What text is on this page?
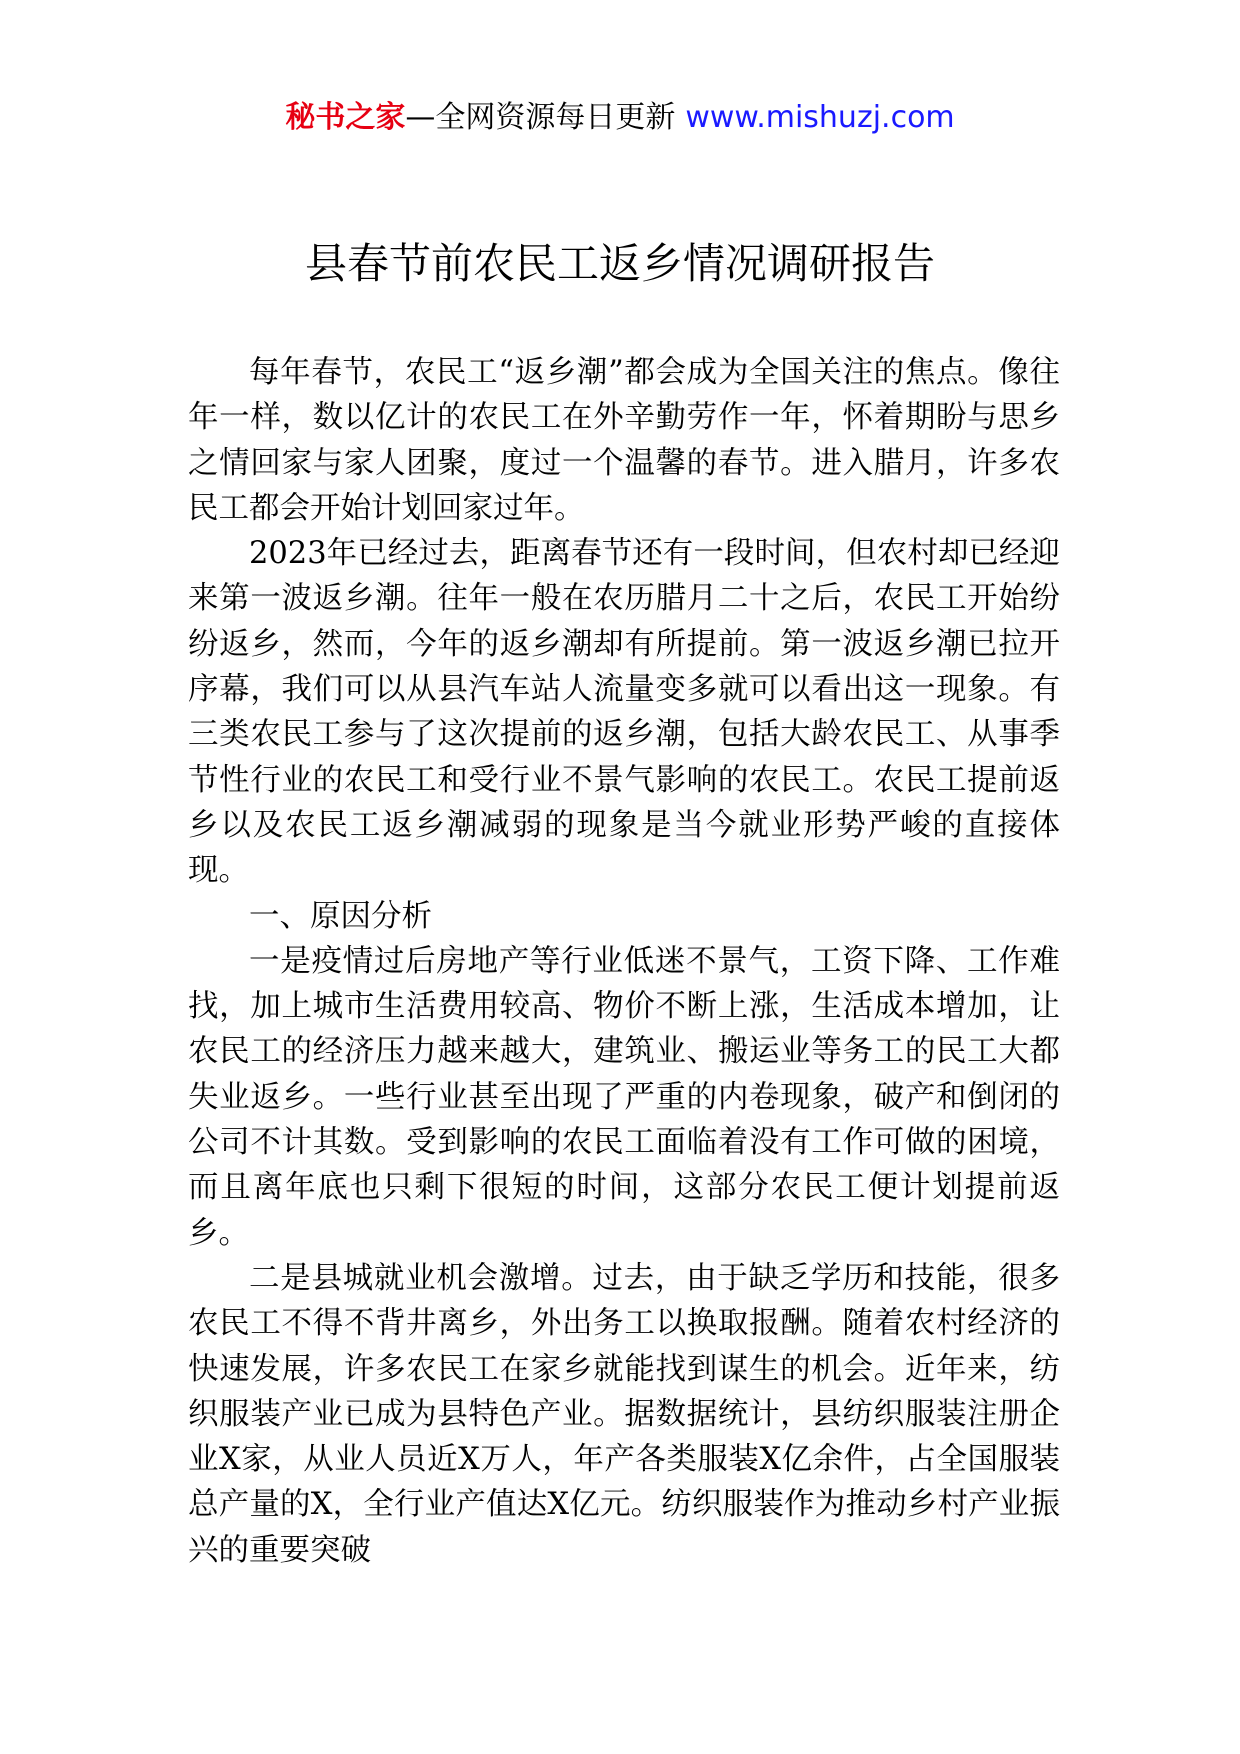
秘书之家—全网资源每日更新 www.mishuzj.com
县春节前农民工返乡情况调研报告

每年春节，农民工“返乡潮”都会成为全国关注的焦点。像往年一样，数以亿计的农民工在外辛勤劳作一年，怀着期盼与思乡之情回家与家人团聚，度过一个温馨的春节。进入腊月，许多农民工都会开始计划回家过年。

2023年已经过去，距离春节还有一段时间，但农村却已经迎来第一波返乡潮。往年一般在农历腊月二十之后，农民工开始纷纷返乡，然而，今年的返乡潮却有所提前。第一波返乡潮已拉开序幕，我们可以从县汽车站人流量变多就可以看出这一现象。有三类农民工参与了这次提前的返乡潮，包括大龄农民工、从事季节性行业的农民工和受行业不景气影响的农民工。农民工提前返乡以及农民工返乡潮减弱的现象是当今就业形势严峻的直接体现。

一、原因分析

一是疫情过后房地产等行业低迷不景气，工资下降、工作难找，加上城市生活费用较高、物价不断上涨，生活成本增加，让农民工的经济压力越来越大，建筑业、搬运业等务工的民工大都失业返乡。一些行业甚至出现了严重的内卷现象，破产和倒闭的公司不计其数。受到影响的农民工面临着没有工作可做的困境，而且离年底也只剩下很短的时间，这部分农民工便计划提前返乡。

二是县城就业机会激增。过去，由于缺乏学历和技能，很多农民工不得不背井离乡，外出务工以换取报酬。随着农村经济的快速发展，许多农民工在家乡就能找到谋生的机会。近年来，纺织服装产业已成为县特色产业。据数据统计，县纺织服装注册企业X家，从业人员近X万人，年产各类服装X亿余件，占全国服装总产量的X，全行业产值达X亿元。纺织服装作为推动乡村产业振兴的重要突破
